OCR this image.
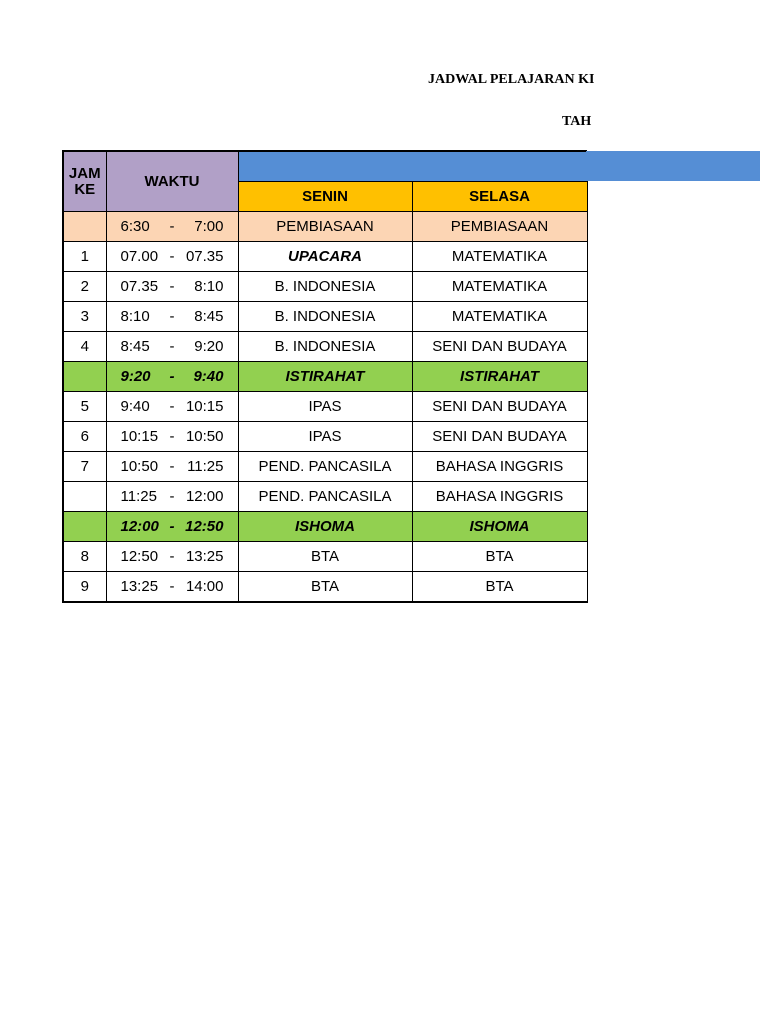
JADWAL PELAJARAN KI
TAH
JAM KE	WAKTU		
		SENIN	SELASA

	6:30 - 7:00	PEMBIASAAN	PEMBIASAAN
1	07.00 - 07.35	UPACARA	MATEMATIKA
2	07.35 - 8:10	B. INDONESIA	MATEMATIKA
3	8:10 - 8:45	B. INDONESIA	MATEMATIKA
4	8:45 - 9:20	B. INDONESIA	SENI DAN BUDAYA

	9:20 - 9:40	ISTIRAHAT	ISTIRAHAT
5	9:40 - 10:15	IPAS	SENI DAN BUDAYA
6	10:15 - 10:50	IPAS	SENI DAN BUDAYA
7	10:50 - 11:25	PEND. PANCASILA	BAHASA INGGRIS

	11:25 - 12:00	PEND. PANCASILA	BAHASA INGGRIS

	12:00 - 12:50	ISHOMA	ISHOMA
8	12:50 - 13:25	BTA	BTA
9	13:25 - 14:00	BTA	BTA
